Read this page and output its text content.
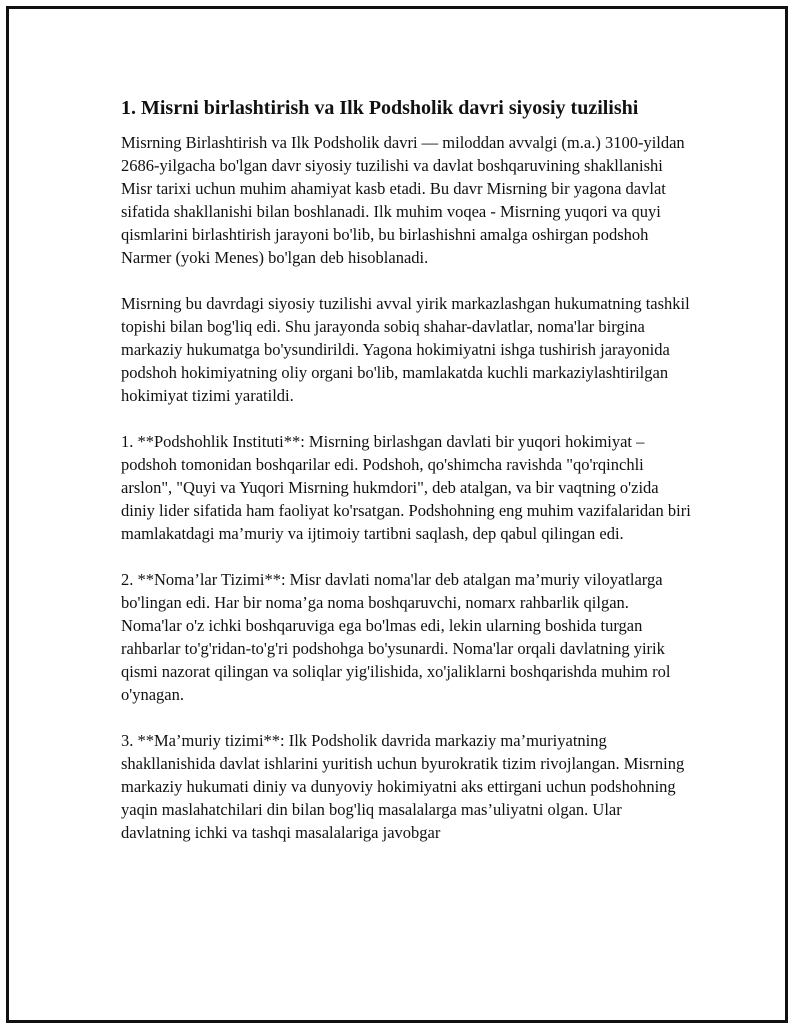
1. Misrni birlashtirish va Ilk Podsholik davri siyosiy tuzilishi

Misrning Birlashtirish va Ilk Podsholik davri — miloddan avvalgi (m.a.) 3100-yildan 2686-yilgacha bo'lgan davr siyosiy tuzilishi va davlat boshqaruvining shakllanishi Misr tarixi uchun muhim ahamiyat kasb etadi. Bu davr Misrning bir yagona davlat sifatida shakllanishi bilan boshlanadi. Ilk muhim voqea - Misrning yuqori va quyi qismlarini birlashtirish jarayoni bo'lib, bu birlashishni amalga oshirgan podshoh Narmer (yoki Menes) bo'lgan deb hisoblanadi.

Misrning bu davrdagi siyosiy tuzilishi avval yirik markazlashgan hukumatning tashkil topishi bilan bog'liq edi. Shu jarayonda sobiq shahar-davlatlar, noma'lar birgina markaziy hukumatga bo'ysundirildi. Yagona hokimiyatni ishga tushirish jarayonida podshoh hokimiyatning oliy organi bo'lib, mamlakatda kuchli markaziylashtirilgan hokimiyat tizimi yaratildi.

1. **Podshohlik Instituti**: Misrning birlashgan davlati bir yuqori hokimiyat – podshoh tomonidan boshqarilar edi. Podshoh, qo'shimcha ravishda "qo'rqinchli arslon", "Quyi va Yuqori Misrning hukmdori", deb atalgan, va bir vaqtning o'zida diniy lider sifatida ham faoliyat ko'rsatgan. Podshohning eng muhim vazifalaridan biri mamlakatdagi ma’muriy va ijtimoiy tartibni saqlash, dep qabul qilingan edi.

2. **Noma’lar Tizimi**: Misr davlati noma'lar deb atalgan ma’muriy viloyatlarga bo'lingan edi. Har bir noma’ga noma boshqaruvchi, nomarx rahbarlik qilgan. Noma'lar o'z ichki boshqaruviga ega bo'lmas edi, lekin ularning boshida turgan rahbarlar to'g'ridan-to'g'ri podshohga bo'ysunardi. Noma'lar orqali davlatning yirik qismi nazorat qilingan va soliqlar yig'ilishida, xo'jaliklarni boshqarishda muhim rol o'ynagan.

3. **Ma’muriy tizimi**: Ilk Podsholik davrida markaziy ma’muriyatning shakllanishida davlat ishlarini yuritish uchun byurokratik tizim rivojlangan. Misrning markaziy hukumati diniy va dunyoviy hokimiyatni aks ettirgani uchun podshohning yaqin maslahatchilari din bilan bog'liq masalalarga mas’uliyatni olgan. Ular davlatning ichki va tashqi masalalariga javobgar
